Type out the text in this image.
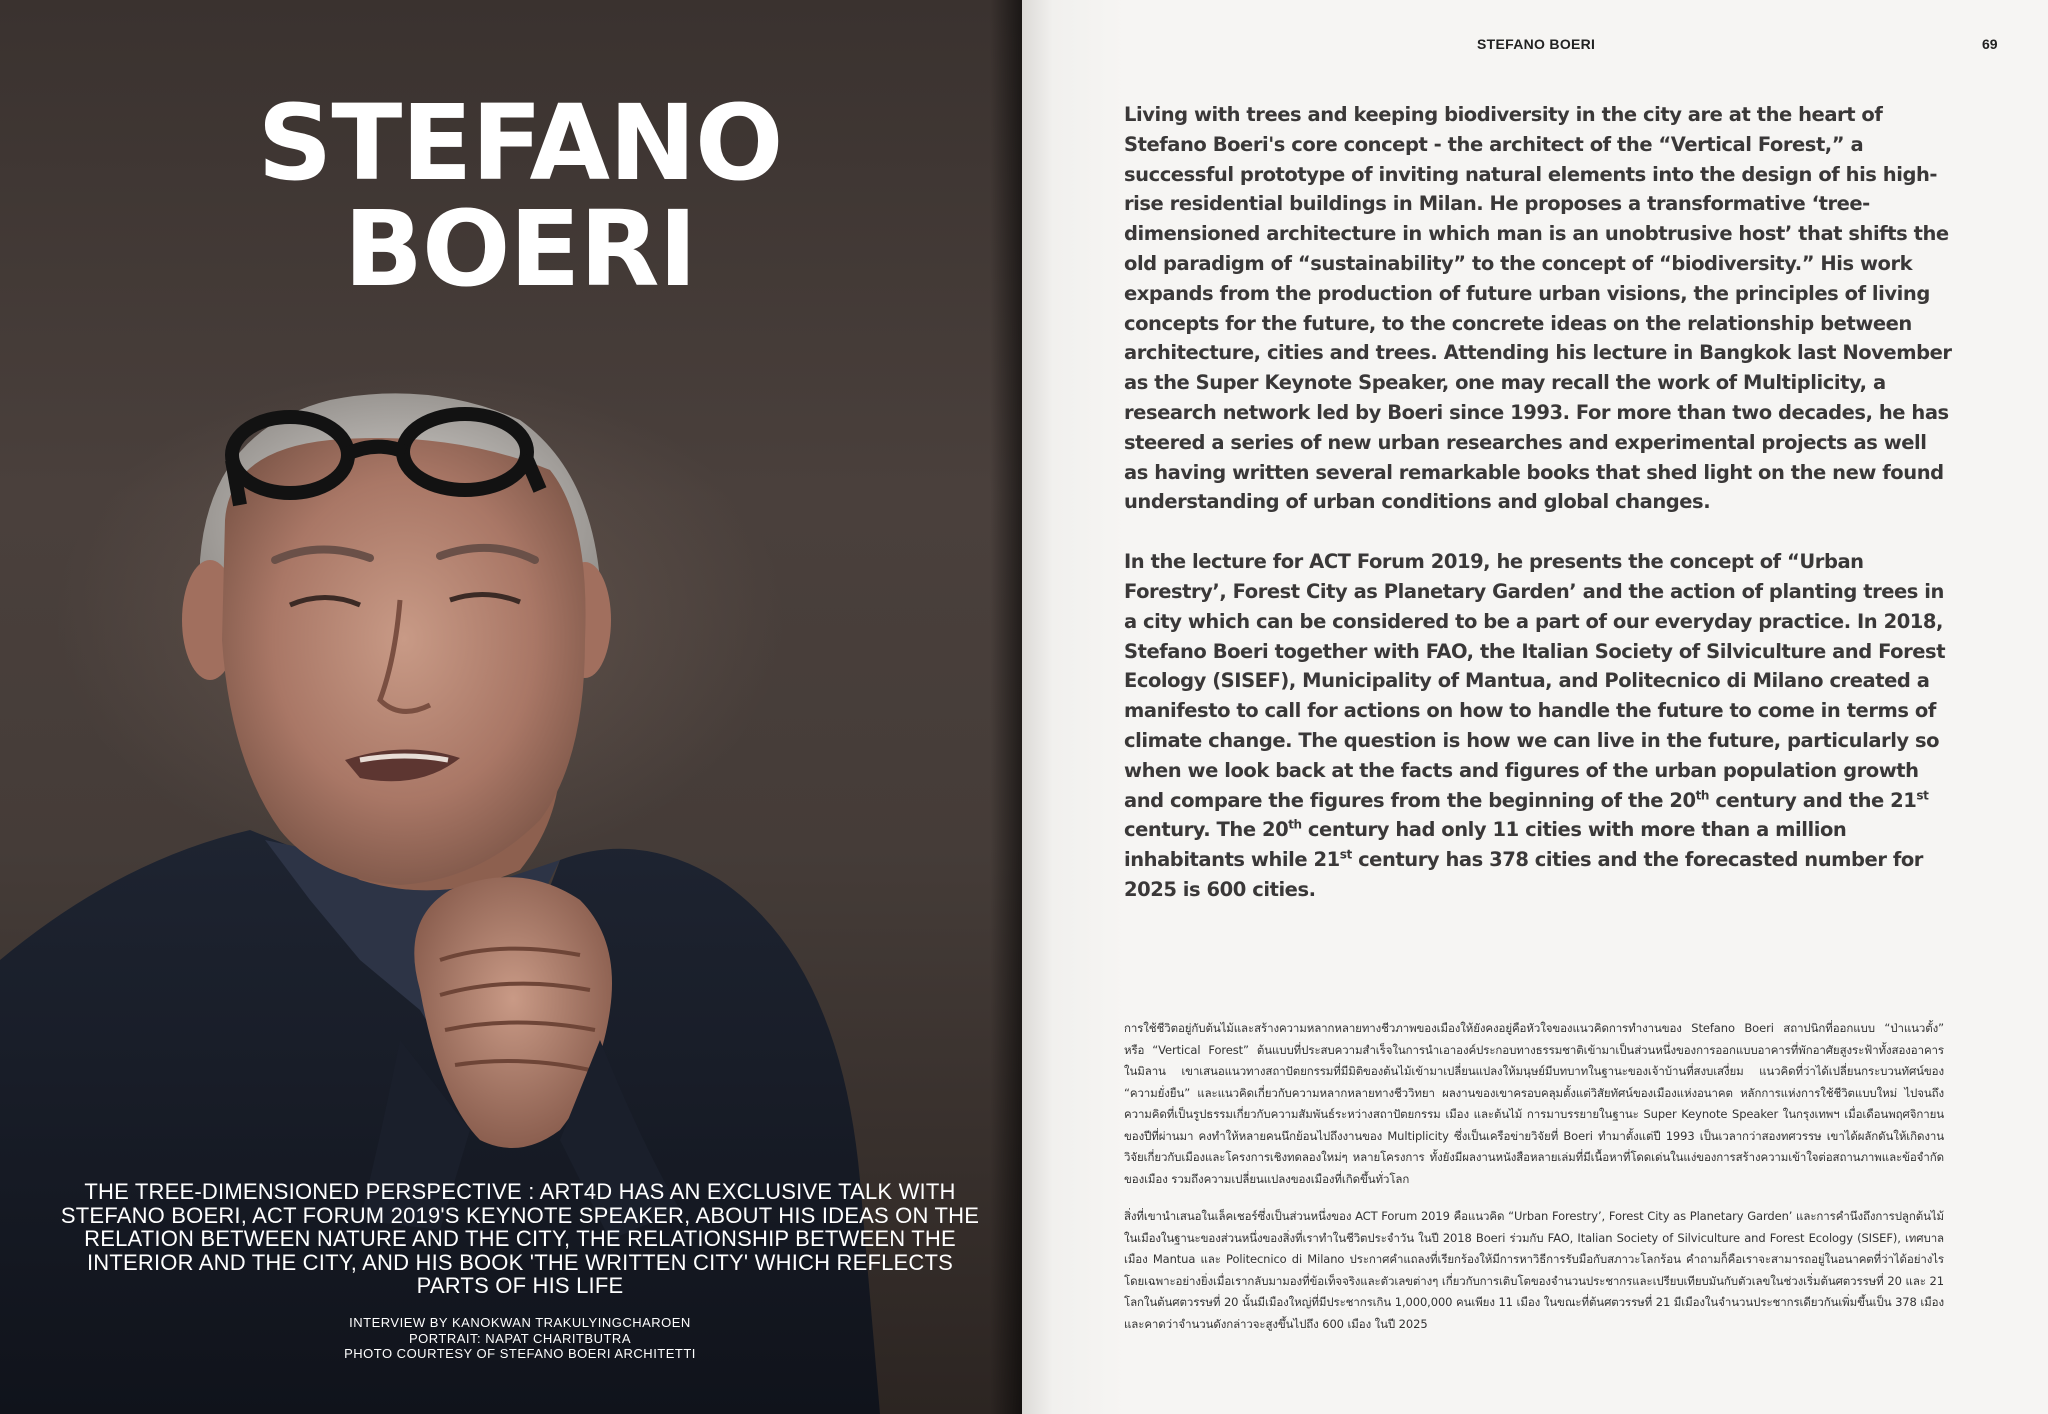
STEFANO
BOERI
THE TREE-DIMENSIONED PERSPECTIVE : ART4D HAS AN EXCLUSIVE TALK WITH STEFANO BOERI, ACT FORUM 2019'S KEYNOTE SPEAKER, ABOUT HIS IDEAS ON THE RELATION BETWEEN NATURE AND THE CITY, THE RELATIONSHIP BETWEEN THE INTERIOR AND THE CITY, AND HIS BOOK 'THE WRITTEN CITY' WHICH REFLECTS PARTS OF HIS LIFE
INTERVIEW BY KANOKWAN TRAKULYINGCHAROEN
PORTRAIT: NAPAT CHARITBUTRA
PHOTO COURTESY OF STEFANO BOERI ARCHITETTI
STEFANO BOERI	69

Living with trees and keeping biodiversity in the city are at the heart of Stefano Boeri's core concept - the architect of the “Vertical Forest,” a successful prototype of inviting natural elements into the design of his high-rise residential buildings in Milan. He proposes a transformative ‘tree-dimensioned architecture in which man is an unobtrusive host’ that shifts the old paradigm of “sustainability” to the concept of “biodiversity.” His work expands from the production of future urban visions, the principles of living concepts for the future, to the concrete ideas on the relationship between architecture, cities and trees. Attending his lecture in Bangkok last November as the Super Keynote Speaker, one may recall the work of Multiplicity, a research network led by Boeri since 1993. For more than two decades, he has steered a series of new urban researches and experimental projects as well as having written several remarkable books that shed light on the new found understanding of urban conditions and global changes.

In the lecture for ACT Forum 2019, he presents the concept of “Urban Forestry’, Forest City as Planetary Garden’ and the action of planting trees in a city which can be considered to be a part of our everyday practice. In 2018, Stefano Boeri together with FAO, the Italian Society of Silviculture and Forest Ecology (SISEF), Municipality of Mantua, and Politecnico di Milano created a manifesto to call for actions on how to handle the future to come in terms of climate change. The question is how we can live in the future, particularly so when we look back at the facts and figures of the urban population growth and compare the figures from the beginning of the 20th century and the 21st century. The 20th century had only 11 cities with more than a million inhabitants while 21st century has 378 cities and the forecasted number for 2025 is 600 cities.

การใช้ชีวิตอยู่กับต้นไม้และสร้างความหลากหลายทางชีวภาพของเมืองให้ยังคงอยู่คือหัวใจของแนวคิดการทำงานของ Stefano Boeri สถาปนิกที่ออกแบบ “ป่าแนวตั้ง” หรือ “Vertical Forest” ต้นแบบที่ประสบความสำเร็จในการนำเอาองค์ประกอบทางธรรมชาติเข้ามาเป็นส่วนหนึ่งของการออกแบบอาคารที่พักอาศัยสูงระฟ้าทั้งสองอาคารในมิลาน เขาเสนอแนวทางสถาปัตยกรรมที่มีมิติของต้นไม้เข้ามาเปลี่ยนแปลงให้มนุษย์มีบทบาทในฐานะของเจ้าบ้านที่สงบเสงี่ยม แนวคิดที่ว่าได้เปลี่ยนกระบวนทัศน์ของ “ความยั่งยืน” และแนวคิดเกี่ยวกับความหลากหลายทางชีววิทยา ผลงานของเขาครอบคลุมตั้งแต่วิสัยทัศน์ของเมืองแห่งอนาคต หลักการแห่งการใช้ชีวิตแบบใหม่ ไปจนถึงความคิดที่เป็นรูปธรรมเกี่ยวกับความสัมพันธ์ระหว่างสถาปัตยกรรม เมือง และต้นไม้ การมาบรรยายในฐานะ Super Keynote Speaker ในกรุงเทพฯ เมื่อเดือนพฤศจิกายนของปีที่ผ่านมา คงทำให้หลายคนนึกย้อนไปถึงงานของ Multiplicity ซึ่งเป็นเครือข่ายวิจัยที่ Boeri ทำมาตั้งแต่ปี 1993 เป็นเวลากว่าสองทศวรรษ เขาได้ผลักดันให้เกิดงานวิจัยเกี่ยวกับเมืองและโครงการเชิงทดลองใหม่ๆ หลายโครงการ ทั้งยังมีผลงานหนังสือหลายเล่มที่มีเนื้อหาที่โดดเด่นในแง่ของการสร้างความเข้าใจต่อสถานภาพและข้อจำกัดของเมือง รวมถึงความเปลี่ยนแปลงของเมืองที่เกิดขึ้นทั่วโลก

สิ่งที่เขานำเสนอในเล็คเชอร์ซึ่งเป็นส่วนหนึ่งของ ACT Forum 2019 คือแนวคิด “Urban Forestry’, Forest City as Planetary Garden’ และการคำนึงถึงการปลูกต้นไม้ในเมืองในฐานะของส่วนหนึ่งของสิ่งที่เราทำในชีวิตประจำวัน ในปี 2018 Boeri ร่วมกับ FAO, Italian Society of Silviculture and Forest Ecology (SISEF), เทศบาลเมือง Mantua และ Politecnico di Milano ประกาศคำแถลงที่เรียกร้องให้มีการหาวิธีการรับมือกับสภาวะโลกร้อน คำถามก็คือเราจะสามารถอยู่ในอนาคตที่ว่าได้อย่างไร โดยเฉพาะอย่างยิ่งเมื่อเรากลับมามองที่ข้อเท็จจริงและตัวเลขต่างๆ เกี่ยวกับการเติบโตของจำนวนประชากรและเปรียบเทียบมันกับตัวเลขในช่วงเริ่มต้นศตวรรษที่ 20 และ 21 โลกในต้นศตวรรษที่ 20 นั้นมีเมืองใหญ่ที่มีประชากรเกิน 1,000,000 คนเพียง 11 เมือง ในขณะที่ต้นศตวรรษที่ 21 มีเมืองในจำนวนประชากรเดียวกันเพิ่มขึ้นเป็น 378 เมือง และคาดว่าจำนวนดังกล่าวจะสูงขึ้นไปถึง 600 เมือง ในปี 2025
